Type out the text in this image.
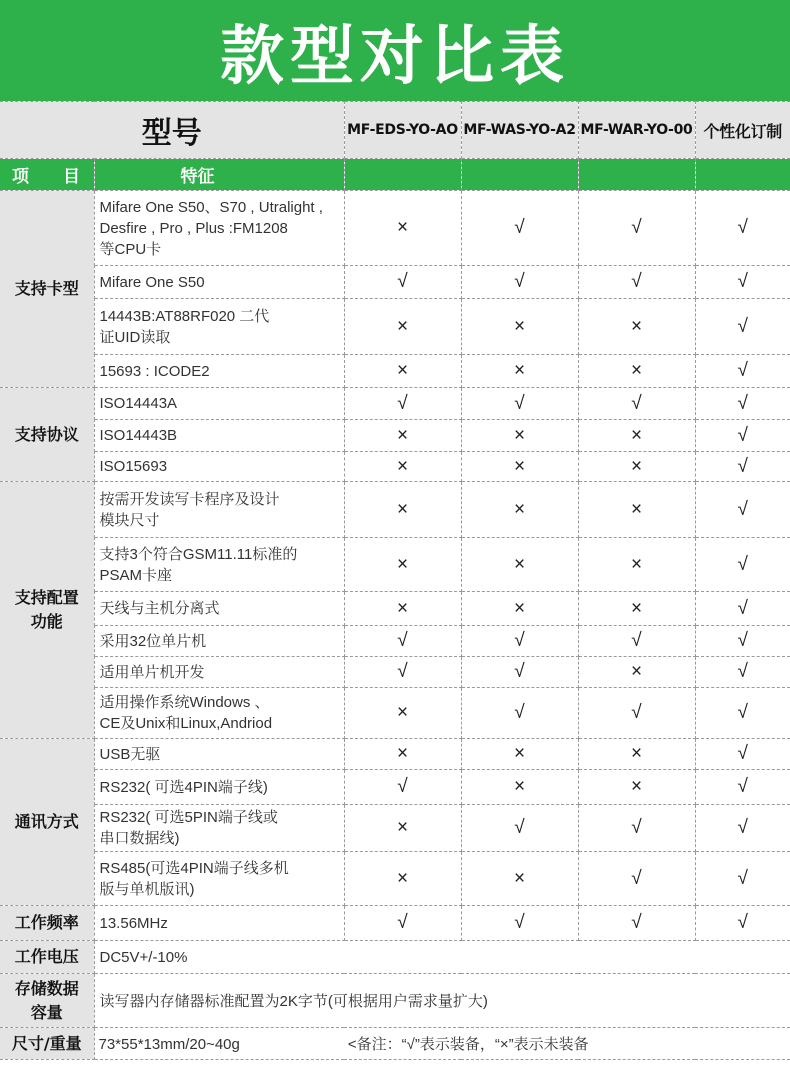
款型对比表
型号		MF-EDS-YO-AO	MF-WAS-YO-A2	MF-WAR-YO-00	个性化订制
项 目	特征				
支持卡型	Mifare One S50、S70 , Utralight ,
Desfire , Pro , Plus :FM1208
等CPU卡	×	√	√	√
	Mifare One S50	√	√	√	√
	14443B:AT88RF020 二代
证UID读取	×	×	×	√
	15693 : ICODE2	×	×	×	√
支持协议	ISO14443A	√	√	√	√
	ISO14443B	×	×	×	√
	ISO15693	×	×	×	√
支持配置
功能	按需开发读写卡程序及设计
模块尺寸	×	×	×	√
	支持3个符合GSM11.11标准的
PSAM卡座	×	×	×	√
	天线与主机分离式	×	×	×	√
	采用32位单片机	√	√	√	√
	适用单片机开发	√	√	×	√
	适用操作系统Windows 、
CE及Unix和Linux,Andriod	×	√	√	√
通讯方式	USB无驱	×	×	×	√
	RS232( 可选4PIN端子线)	√	×	×	√
	RS232( 可选5PIN端子线或
串口数据线)	×	√	√	√
	RS485(可选4PIN端子线多机
版与单机版讯)	×	×	√	√
工作频率	13.56MHz	√	√	√	√
工作电压	DC5V+/-10%				
存储数据
容量	读写器内存储器标准配置为2K字节(可根据用户需求量扩大)				
尺寸/重量	73*55*13mm/20~40g <备注：“√”表示装备，“×”表示未装备				
